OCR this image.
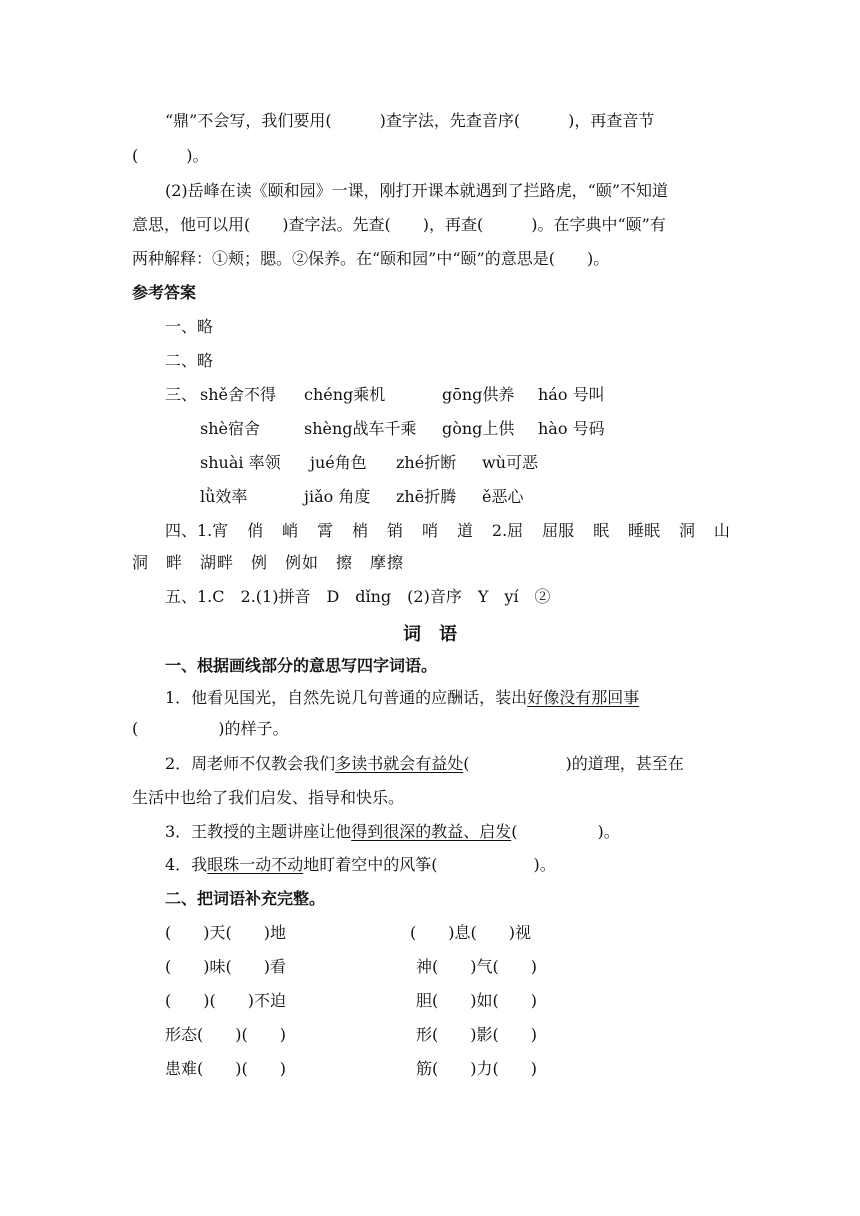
“鼎”不会写，我们要用(　　　)查字法，先查音序(　　　)，再查音节
(　　　)。
(2)岳峰在读《颐和园》一课，刚打开课本就遇到了拦路虎，“颐”不知道
意思，他可以用(　　)查字法。先查(　　)，再查(　　　)。在字典中“颐”有
两种解释：①颊；腮。②保养。在“颐和园”中“颐”的意思是(　　)。
参考答案
一、略
二、略
三、 shě舍不得 chéng乘机	gōng供养 háo 号叫
shè宿舍	shèng战车千乘 gòng上供 hào 号码
shuài 率领 jué角色 zhé折断 wù可恶
lǜ效率	jiǎo 角度 zhē折腾 ě恶心
四、1.宵 俏 峭 霄 梢 销 哨 道 2.屈 屈服 眠 睡眠 洞 山
洞　畔　湖畔　例　例如　擦　摩擦
五、1.C　2.(1)拼音　D　dǐng　(2)音序　Y　yí　②
词　语
一、根据画线部分的意思写四字词语。
1．他看见国光，自然先说几句普通的应酬话，装出好像没有那回事
(　　　　　)的样子。
2．周老师不仅教会我们多读书就会有益处(　　　　　　)的道理，甚至在
生活中也给了我们启发、指导和快乐。
3．王教授的主题讲座让他得到很深的教益、启发(　　　　　)。
4．我眼珠一动不动地盯着空中的风筝(　　　　　　)。
二、把词语补充完整。
(　　)天(　　)地	(　　)息(　　)视
(　　)味(　　)看	神(　　)气(　　)
(　　)(　　)不迫	胆(　　)如(　　)
形态(　　)(　　)	形(　　)影(　　)
患难(　　)(　　)	筋(　　)力(　　)
